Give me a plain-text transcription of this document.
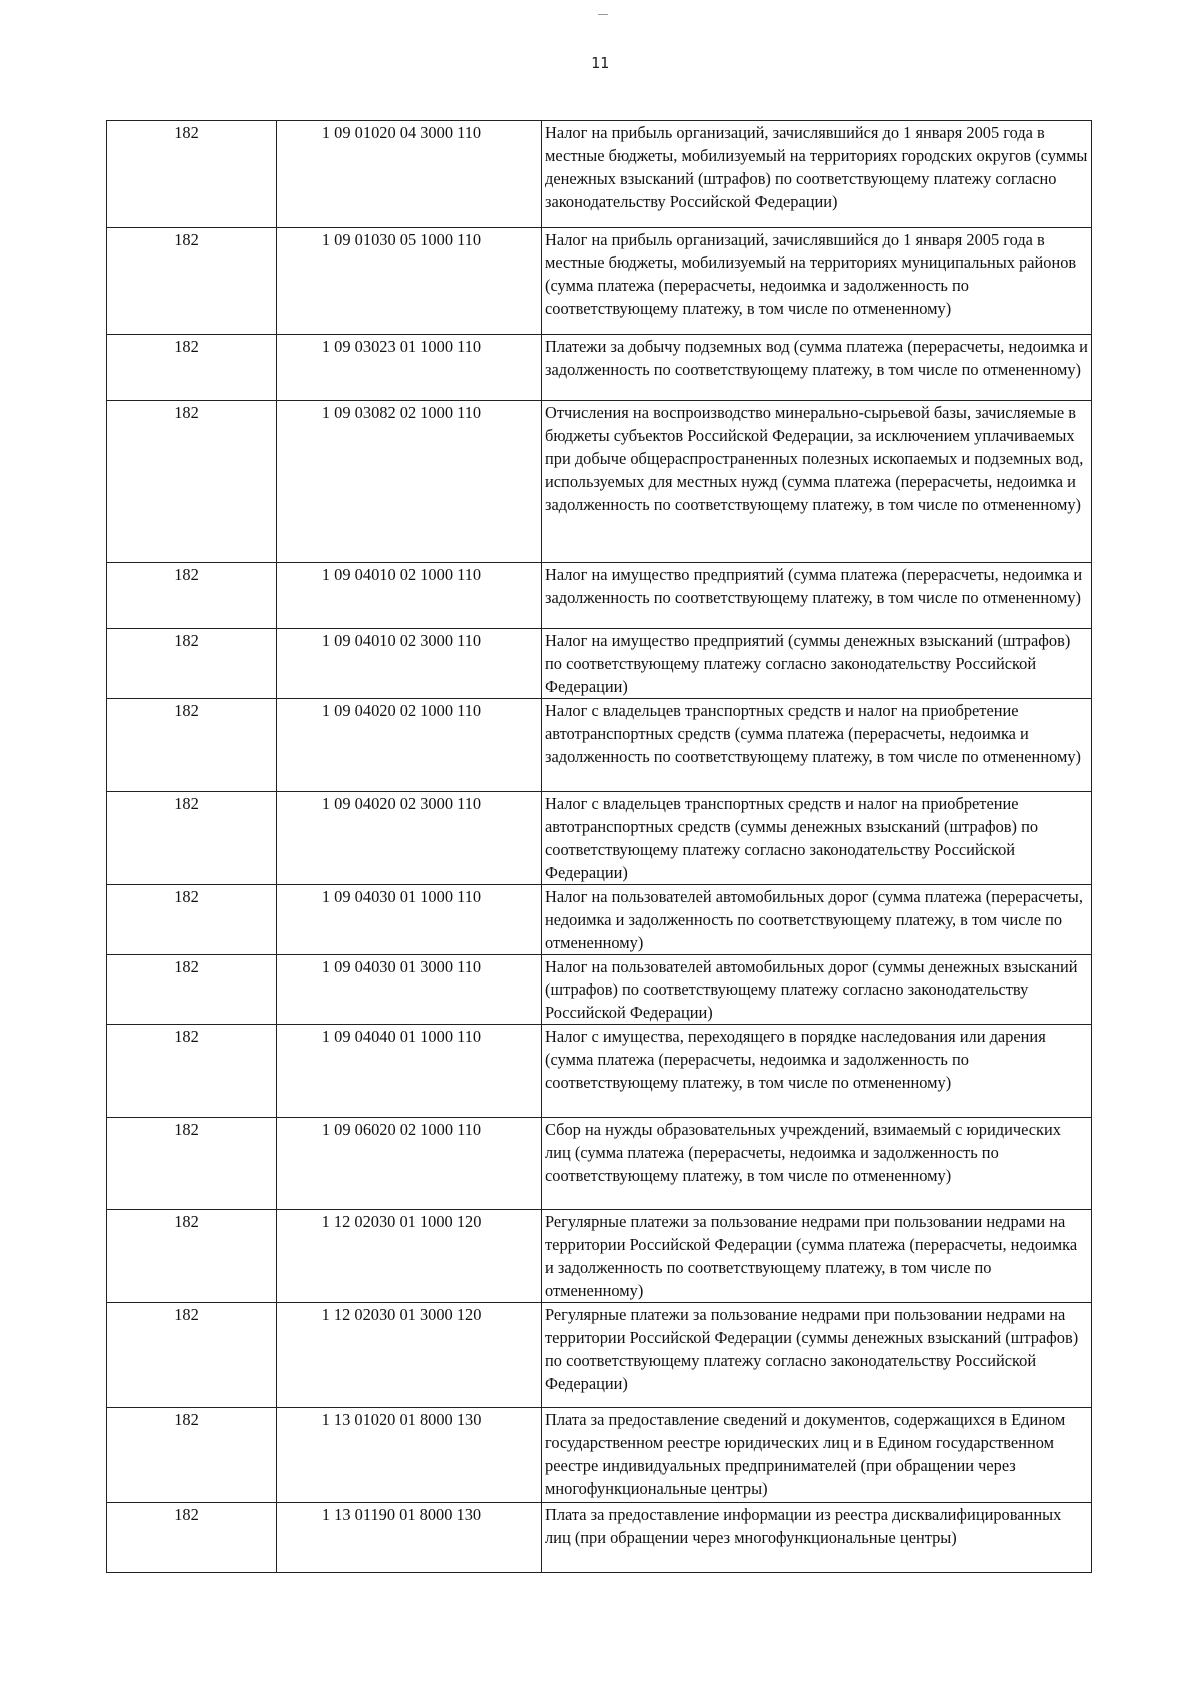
11
182	1 09 01020 04 3000 110	Налог на прибыль организаций, зачислявшийся до 1 января 2005 года в местные бюджеты, мобилизуемый на территориях городских округов (суммы денежных взысканий (штрафов) по соответствующему платежу согласно законодательству Российской Федерации)
182	1 09 01030 05 1000 110	Налог на прибыль организаций, зачислявшийся до 1 января 2005 года в местные бюджеты, мобилизуемый на территориях муниципальных районов (сумма платежа (перерасчеты, недоимка и задолженность по соответствующему платежу, в том числе по отмененному)
182	1 09 03023 01 1000 110	Платежи за добычу подземных вод (сумма платежа (перерасчеты, недоимка и задолженность по соответствующему платежу, в том числе по отмененному)
182	1 09 03082 02 1000 110	Отчисления на воспроизводство минерально-сырьевой базы, зачисляемые в бюджеты субъектов Российской Федерации, за исключением уплачиваемых при добыче общераспространенных полезных ископаемых и подземных вод, используемых для местных нужд (сумма платежа (перерасчеты, недоимка и задолженность по соответствующему платежу, в том числе по отмененному)
182	1 09 04010 02 1000 110	Налог на имущество предприятий (сумма платежа (перерасчеты, недоимка и задолженность по соответствующему платежу, в том числе по отмененному)
182	1 09 04010 02 3000 110	Налог на имущество предприятий (суммы денежных взысканий (штрафов) по соответствующему платежу согласно законодательству Российской Федерации)
182	1 09 04020 02 1000 110	Налог с владельцев транспортных средств и налог на приобретение автотранспортных средств (сумма платежа (перерасчеты, недоимка и задолженность по соответствующему платежу, в том числе по отмененному)
182	1 09 04020 02 3000 110	Налог с владельцев транспортных средств и налог на приобретение автотранспортных средств (суммы денежных взысканий (штрафов) по соответствующему платежу согласно законодательству Российской Федерации)
182	1 09 04030 01 1000 110	Налог на пользователей автомобильных дорог (сумма платежа (перерасчеты, недоимка и задолженность по соответствующему платежу, в том числе по отмененному)
182	1 09 04030 01 3000 110	Налог на пользователей автомобильных дорог (суммы денежных взысканий (штрафов) по соответствующему платежу согласно законодательству Российской Федерации)
182	1 09 04040 01 1000 110	Налог с имущества, переходящего в порядке наследования или дарения (сумма платежа (перерасчеты, недоимка и задолженность по соответствующему платежу, в том числе по отмененному)
182	1 09 06020 02 1000 110	Сбор на нужды образовательных учреждений, взимаемый с юридических лиц (сумма платежа (перерасчеты, недоимка и задолженность по соответствующему платежу, в том числе по отмененному)
182	1 12 02030 01 1000 120	Регулярные платежи за пользование недрами при пользовании недрами на территории Российской Федерации (сумма платежа (перерасчеты, недоимка и задолженность по соответствующему платежу, в том числе по отмененному)
182	1 12 02030 01 3000 120	Регулярные платежи за пользование недрами при пользовании недрами на территории Российской Федерации (суммы денежных взысканий (штрафов) по соответствующему платежу согласно законодательству Российской Федерации)
182	1 13 01020 01 8000 130	Плата за предоставление сведений и документов, содержащихся в Едином государственном реестре юридических лиц и в Едином государственном реестре индивидуальных предпринимателей (при обращении через многофункциональные центры)
182	1 13 01190 01 8000 130	Плата за предоставление информации из реестра дисквалифицированных лиц (при обращении через многофункциональные центры)
